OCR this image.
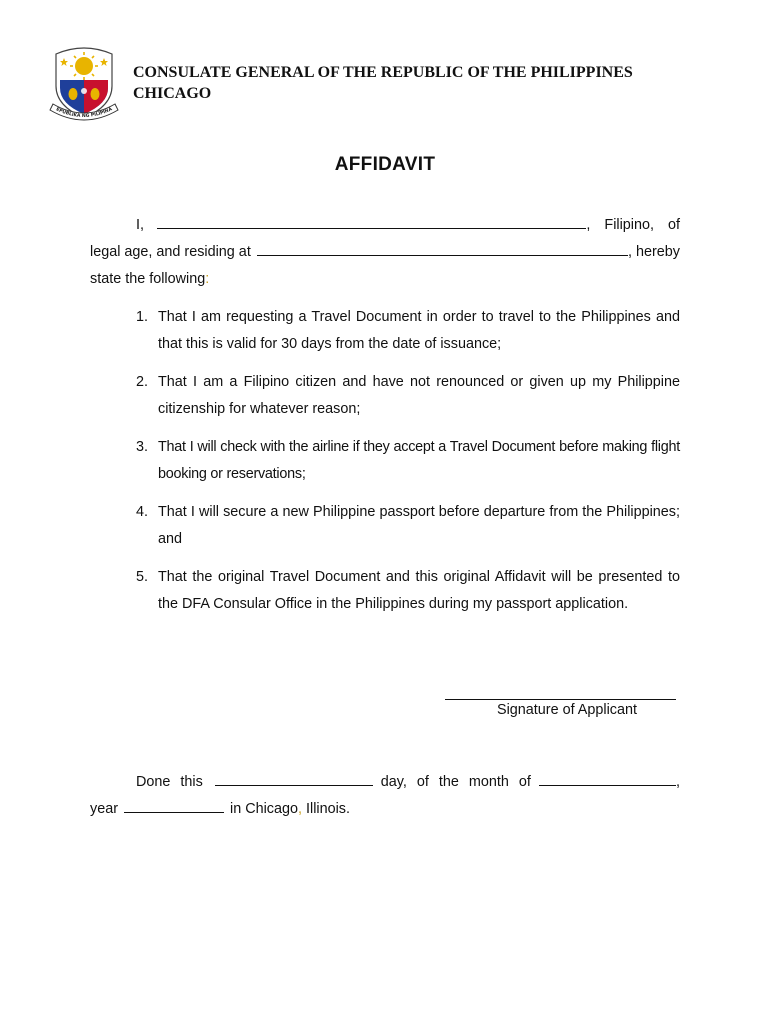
EPUBLIKA NG PILIPINA
CONSULATE GENERAL OF THE REPUBLIC OF THE PHILIPPINES
CHICAGO
AFFIDAVIT
I,	, Filipino, of
legal age, and residing at	, hereby
state the following :
1. That I am requesting a Travel Document in order to travel to the Philippines and that this is valid for 30 days from the date of issuance;
2. That I am a Filipino citizen and have not renounced or given up my Philippine citizenship for whatever reason;
3. That I will check with the airline if they accept a Travel Document before making flight booking or reservations;
4. That I will secure a new Philippine passport before departure from the Philippines; and
5. That the original Travel Document and this original Affidavit will be presented to the DFA Consular Office in the Philippines during my passport application.
Signature of Applicant
Done this	day, of the month of	,
year	in Chicago , Illinois.
